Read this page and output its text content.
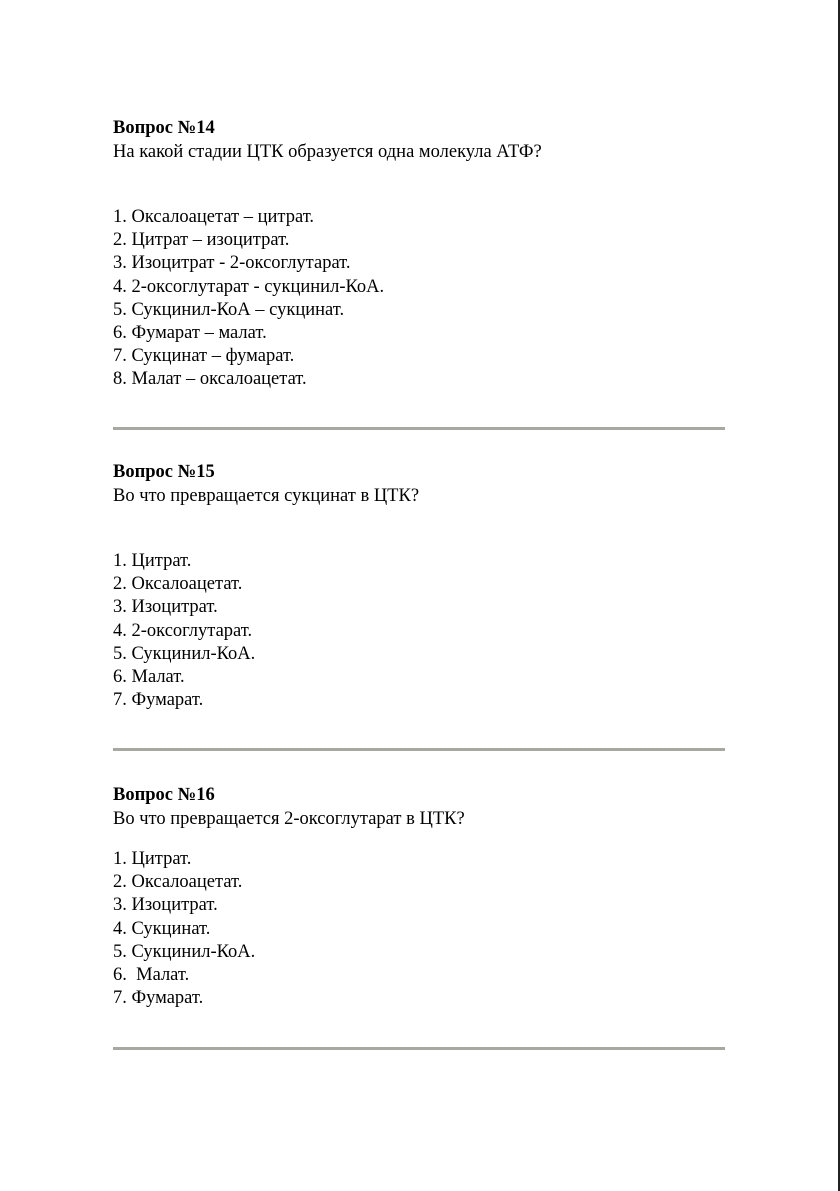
Вопрос №14
На какой стадии ЦТК образуется одна молекула АТФ?
1. Оксалоацетат – цитрат.
2. Цитрат – изоцитрат.
3. Изоцитрат - 2-оксоглутарат.
4. 2-оксоглутарат - сукцинил-КоА.
5. Сукцинил-КоА – сукцинат.
6. Фумарат – малат.
7. Сукцинат – фумарат.
8. Малат – оксалоацетат.
Вопрос №15
Во что превращается сукцинат в ЦТК?
1. Цитрат.
2. Оксалоацетат.
3. Изоцитрат.
4. 2-оксоглутарат.
5. Сукцинил-КоА.
6. Малат.
7. Фумарат.
Вопрос №16
Во что превращается 2-оксоглутарат в ЦТК?
1. Цитрат.
2. Оксалоацетат.
3. Изоцитрат.
4. Сукцинат.
5. Сукцинил-КоА.
6.  Малат.
7. Фумарат.
